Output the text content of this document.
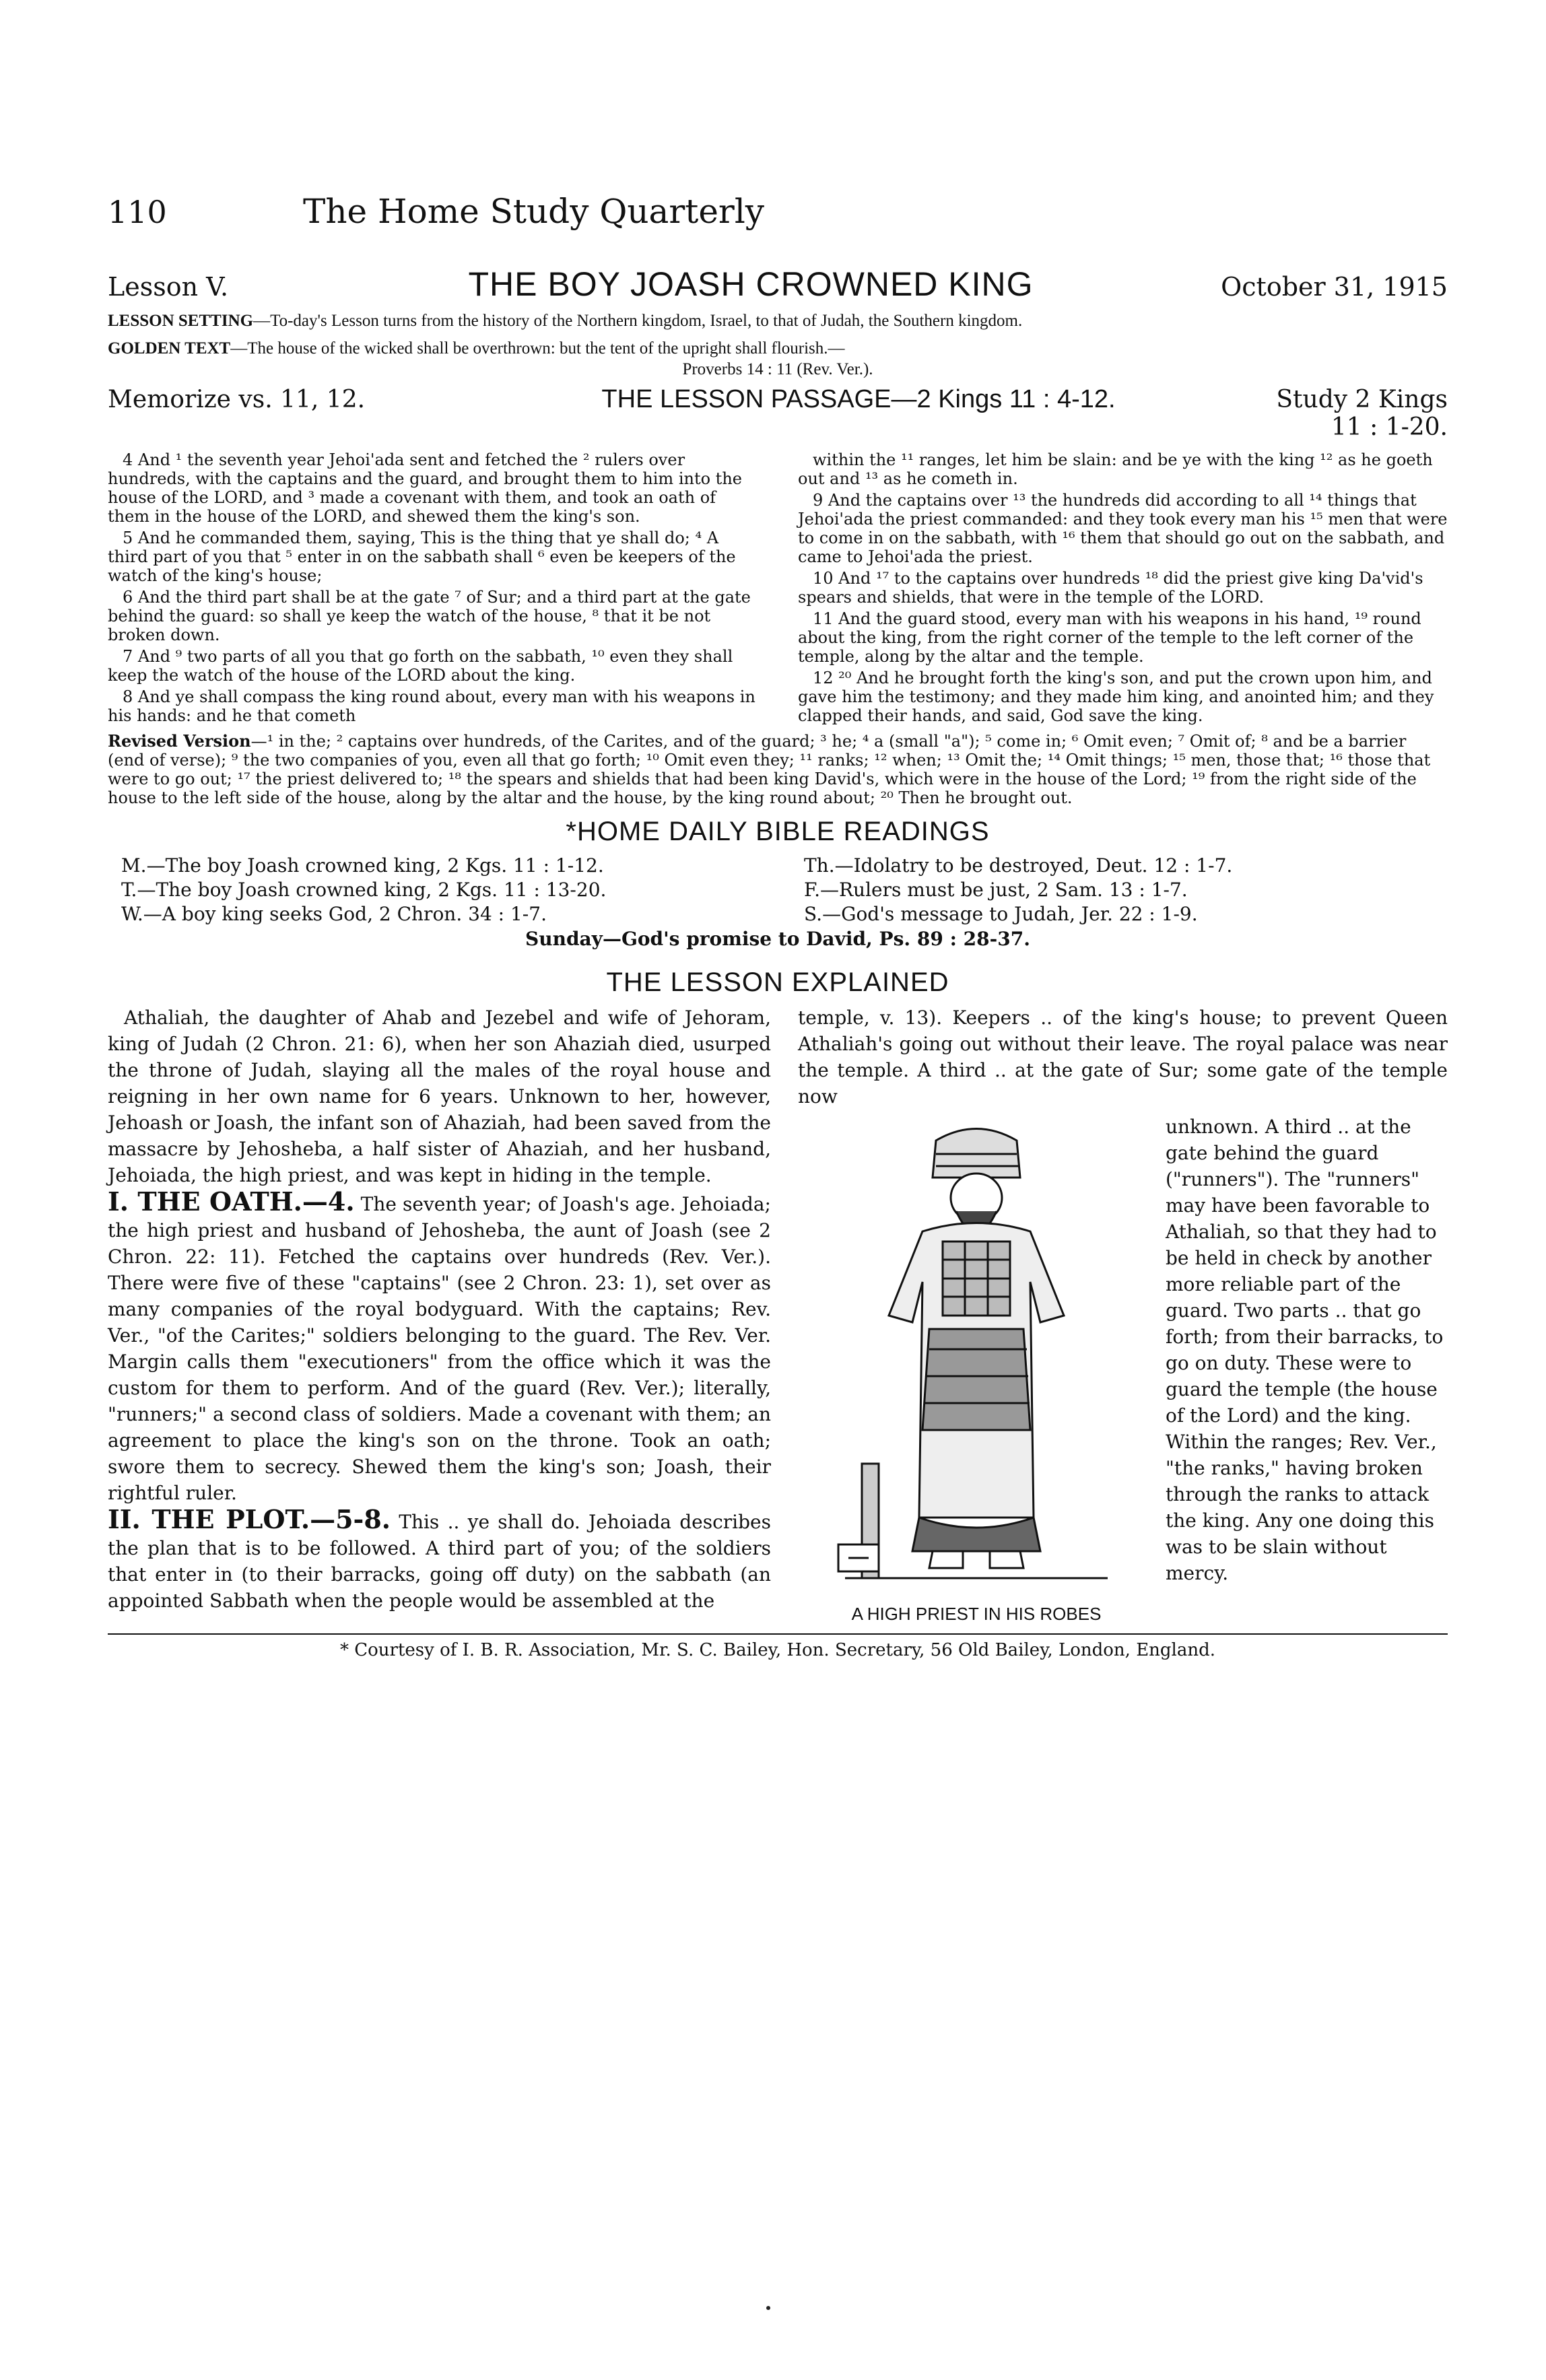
110	The Home Study Quarterly
Lesson V.	THE BOY JOASH CROWNED KING	October 31, 1915
LESSON SETTING—To-day's Lesson turns from the history of the Northern kingdom, Israel, to that of Judah, the Southern kingdom.
GOLDEN TEXT—The house of the wicked shall be overthrown: but the tent of the upright shall flourish.—
Proverbs 14 : 11 (Rev. Ver.).
Memorize vs. 11, 12.	THE LESSON PASSAGE—2 Kings 11 : 4-12.	Study 2 Kings 11 : 1-20.

4 And ¹ the seventh year Jehoi'ada sent and fetched the ² rulers over hundreds, with the captains and the guard, and brought them to him into the house of the LORD, and ³ made a covenant with them, and took an oath of them in the house of the LORD, and shewed them the king's son.

5 And he commanded them, saying, This is the thing that ye shall do; ⁴ A third part of you that ⁵ enter in on the sabbath shall ⁶ even be keepers of the watch of the king's house;

6 And the third part shall be at the gate ⁷ of Sur; and a third part at the gate behind the guard: so shall ye keep the watch of the house, ⁸ that it be not broken down.

7 And ⁹ two parts of all you that go forth on the sabbath, ¹⁰ even they shall keep the watch of the house of the LORD about the king.

8 And ye shall compass the king round about, every man with his weapons in his hands: and he that cometh

within the ¹¹ ranges, let him be slain: and be ye with the king ¹² as he goeth out and ¹³ as he cometh in.

9 And the captains over ¹³ the hundreds did according to all ¹⁴ things that Jehoi'ada the priest commanded: and they took every man his ¹⁵ men that were to come in on the sabbath, with ¹⁶ them that should go out on the sabbath, and came to Jehoi'ada the priest.

10 And ¹⁷ to the captains over hundreds ¹⁸ did the priest give king Da'vid's spears and shields, that were in the temple of the LORD.

11 And the guard stood, every man with his weapons in his hand, ¹⁹ round about the king, from the right corner of the temple to the left corner of the temple, along by the altar and the temple.

12 ²⁰ And he brought forth the king's son, and put the crown upon him, and gave him the testimony; and they made him king, and anointed him; and they clapped their hands, and said, God save the king.

Revised Version—¹ in the; ² captains over hundreds, of the Carites, and of the guard; ³ he; ⁴ a (small "a"); ⁵ come in; ⁶ Omit even; ⁷ Omit of; ⁸ and be a barrier (end of verse); ⁹ the two companies of you, even all that go forth; ¹⁰ Omit even they; ¹¹ ranks; ¹² when; ¹³ Omit the; ¹⁴ Omit things; ¹⁵ men, those that; ¹⁶ those that were to go out; ¹⁷ the priest delivered to; ¹⁸ the spears and shields that had been king David's, which were in the house of the Lord; ¹⁹ from the right side of the house to the left side of the house, along by the altar and the house, by the king round about; ²⁰ Then he brought out.
*HOME DAILY BIBLE READINGS
M.—The boy Joash crowned king, 2 Kgs. 11 : 1-12.
T.—The boy Joash crowned king, 2 Kgs. 11 : 13-20.
W.—A boy king seeks God, 2 Chron. 34 : 1-7.
Th.—Idolatry to be destroyed, Deut. 12 : 1-7.
F.—Rulers must be just, 2 Sam. 13 : 1-7.
S.—God's message to Judah, Jer. 22 : 1-9.
Sunday—God's promise to David, Ps. 89 : 28-37.
THE LESSON EXPLAINED

Athaliah, the daughter of Ahab and Jezebel and wife of Jehoram, king of Judah (2 Chron. 21: 6), when her son Ahaziah died, usurped the throne of Judah, slaying all the males of the royal house and reigning in her own name for 6 years. Unknown to her, however, Jehoash or Joash, the infant son of Ahaziah, had been saved from the massacre by Jehosheba, a half sister of Ahaziah, and her husband, Jehoiada, the high priest, and was kept in hiding in the temple.

I. THE OATH.—4. The seventh year; of Joash's age. Jehoiada; the high priest and husband of Jehosheba, the aunt of Joash (see 2 Chron. 22: 11). Fetched the captains over hundreds (Rev. Ver.). There were five of these "captains" (see 2 Chron. 23: 1), set over as many companies of the royal bodyguard. With the captains; Rev. Ver., "of the Carites;" soldiers belonging to the guard. The Rev. Ver. Margin calls them "executioners" from the office which it was the custom for them to perform. And of the guard (Rev. Ver.); literally, "runners;" a second class of soldiers. Made a covenant with them; an agreement to place the king's son on the throne. Took an oath; swore them to secrecy. Shewed them the king's son; Joash, their rightful ruler.

II. THE PLOT.—5-8. This .. ye shall do. Jehoiada describes the plan that is to be followed. A third part of you; of the soldiers that enter in (to their barracks, going off duty) on the sabbath (an appointed Sabbath when the people would be assembled at the

temple, v. 13). Keepers .. of the king's house; to prevent Queen Athaliah's going out without their leave. The royal palace was near the temple. A third .. at the gate of Sur; some gate of the temple now

A HIGH PRIEST IN HIS ROBES

unknown. A third .. at the gate behind the guard ("runners"). The "runners" may have been favorable to Athaliah, so that they had to be held in check by another more reliable part of the guard. Two parts .. that go forth; from their barracks, to go on duty. These were to guard the temple (the house of the Lord) and the king. Within the ranges; Rev. Ver., "the ranks," having broken through the ranks to attack the king. Any one doing this was to be slain without mercy.

* Courtesy of I. B. R. Association, Mr. S. C. Bailey, Hon. Secretary, 56 Old Bailey, London, England.
